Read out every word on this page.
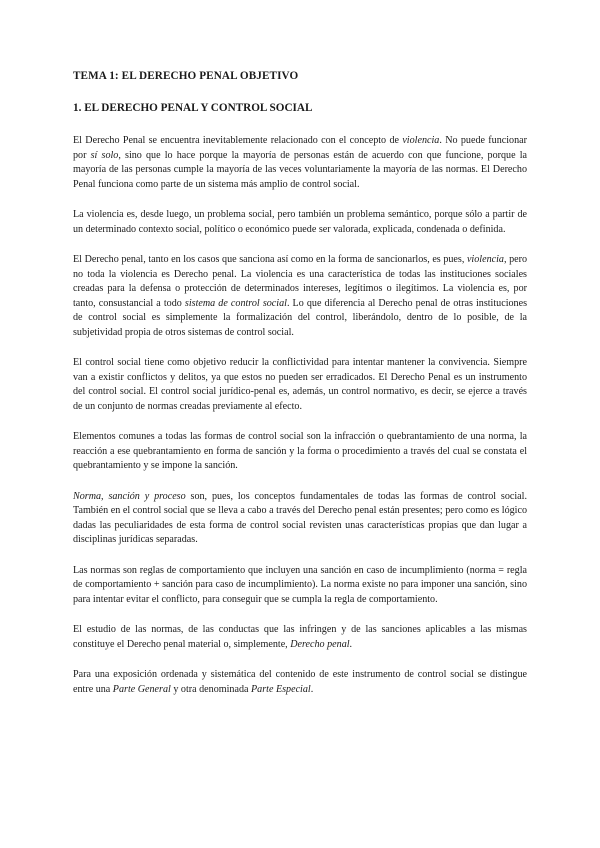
TEMA 1: EL DERECHO PENAL OBJETIVO
1. EL DERECHO PENAL Y CONTROL SOCIAL

El Derecho Penal se encuentra inevitablemente relacionado con el concepto de violencia. No puede funcionar por sí solo, sino que lo hace porque la mayoría de personas están de acuerdo con que funcione, porque la mayoría de las personas cumple la mayoría de las veces voluntariamente la mayoría de las normas. El Derecho Penal funciona como parte de un sistema más amplio de control social.

La violencia es, desde luego, un problema social, pero también un problema semántico, porque sólo a partir de un determinado contexto social, político o económico puede ser valorada, explicada, condenada o definida.

El Derecho penal, tanto en los casos que sanciona así como en la forma de sancionarlos, es pues, violencia, pero no toda la violencia es Derecho penal. La violencia es una característica de todas las instituciones sociales creadas para la defensa o protección de determinados intereses, legítimos o ilegítimos. La violencia es, por tanto, consustancial a todo sistema de control social. Lo que diferencia al Derecho penal de otras instituciones de control social es simplemente la formalización del control, liberándolo, dentro de lo posible, de la subjetividad propia de otros sistemas de control social.

El control social tiene como objetivo reducir la conflictividad para intentar mantener la convivencia. Siempre van a existir conflictos y delitos, ya que estos no pueden ser erradicados. El Derecho Penal es un instrumento del control social. El control social jurídico-penal es, además, un control normativo, es decir, se ejerce a través de un conjunto de normas creadas previamente al efecto.

Elementos comunes a todas las formas de control social son la infracción o quebrantamiento de una norma, la reacción a ese quebrantamiento en forma de sanción y la forma o procedimiento a través del cual se constata el quebrantamiento y se impone la sanción.

Norma, sanción y proceso son, pues, los conceptos fundamentales de todas las formas de control social. También en el control social que se lleva a cabo a través del Derecho penal están presentes; pero como es lógico dadas las peculiaridades de esta forma de control social revisten unas características propias que dan lugar a disciplinas jurídicas separadas.

Las normas son reglas de comportamiento que incluyen una sanción en caso de incumplimiento (norma = regla de comportamiento + sanción para caso de incumplimiento). La norma existe no para imponer una sanción, sino para intentar evitar el conflicto, para conseguir que se cumpla la regla de comportamiento.

El estudio de las normas, de las conductas que las infringen y de las sanciones aplicables a las mismas constituye el Derecho penal material o, simplemente, Derecho penal.

Para una exposición ordenada y sistemática del contenido de este instrumento de control social se distingue entre una Parte General y otra denominada Parte Especial.
